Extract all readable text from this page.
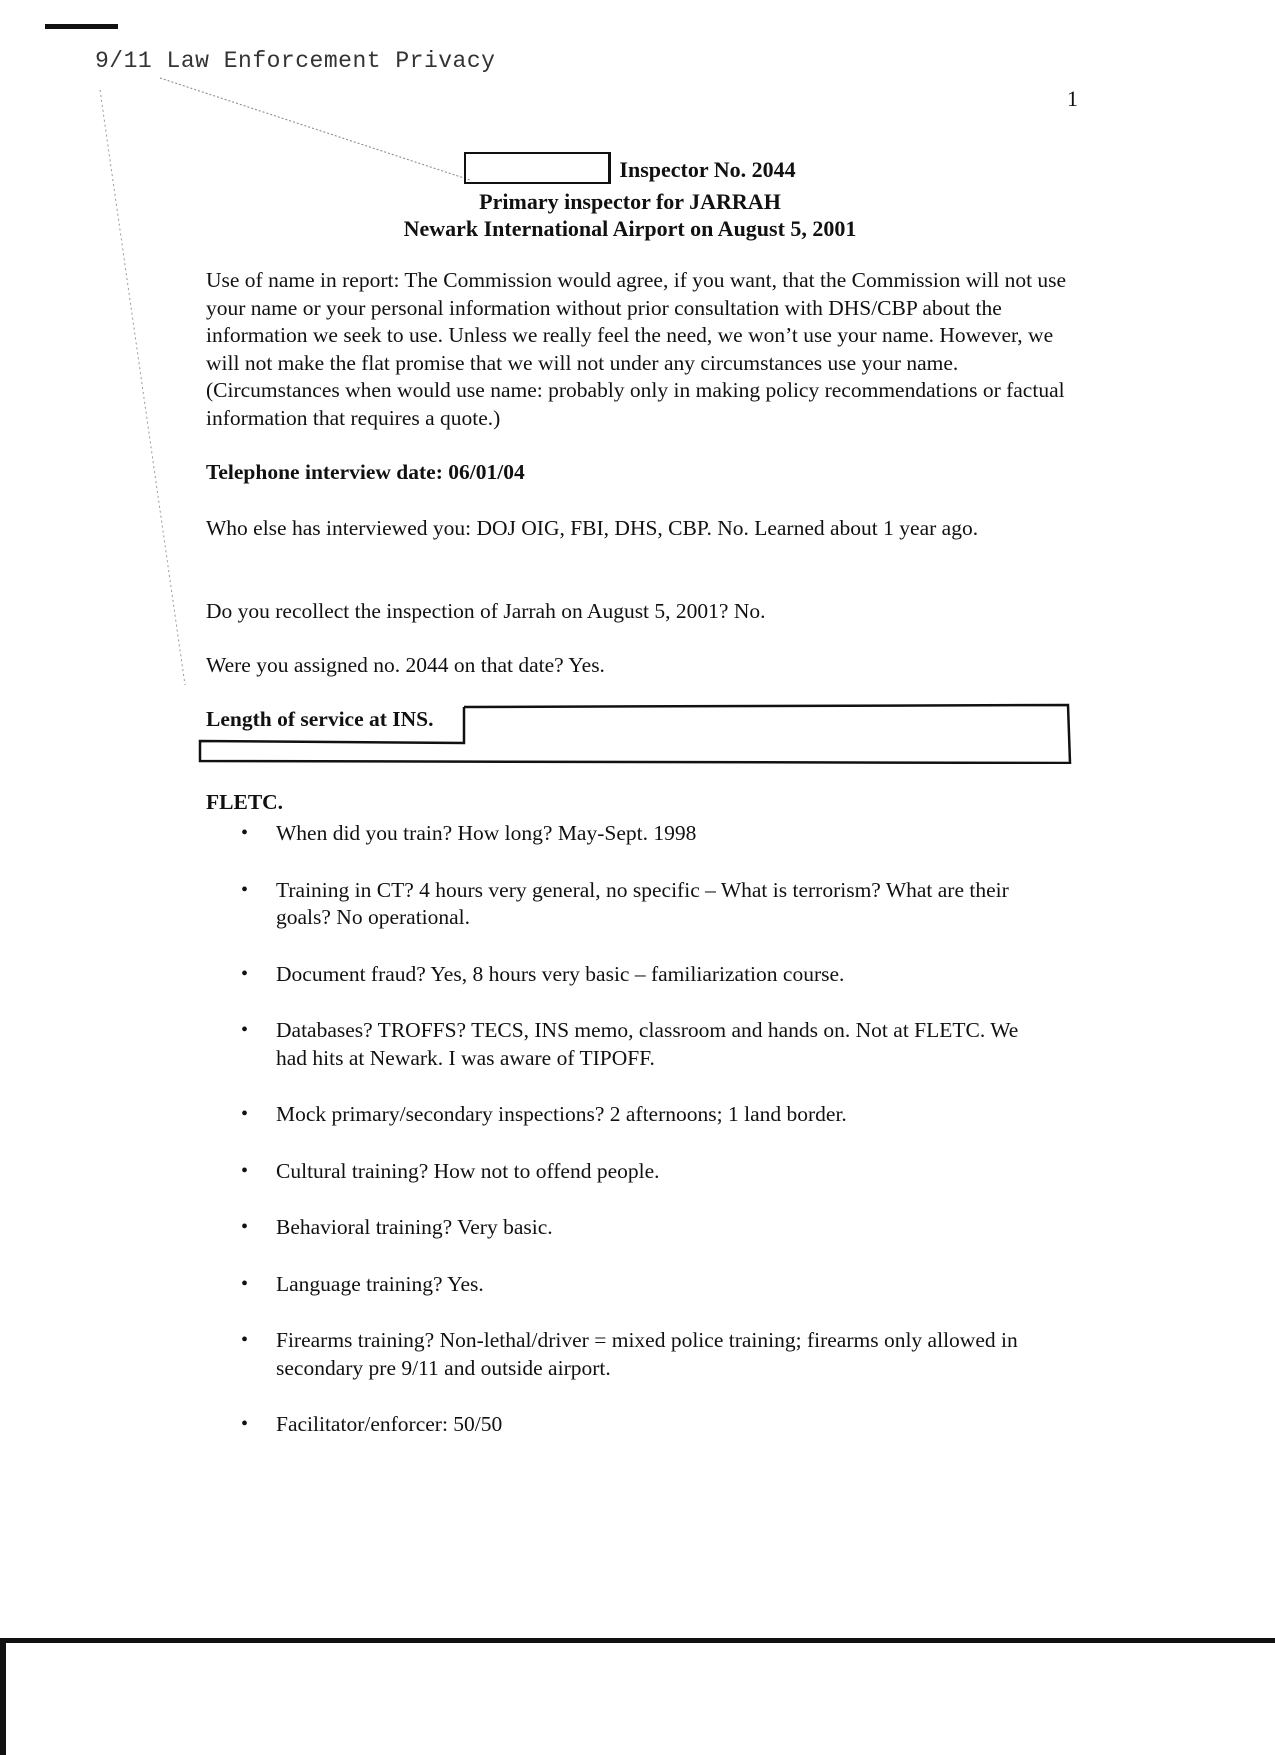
9/11 Law Enforcement Privacy
1
Inspector No. 2044
Primary inspector for JARRAH
Newark International Airport on August 5, 2001
Use of name in report: The Commission would agree, if you want, that the Commission will not use your name or your personal information without prior consultation with DHS/CBP about the information we seek to use. Unless we really feel the need, we won’t use your name. However, we will not make the flat promise that we will not under any circumstances use your name. (Circumstances when would use name: probably only in making policy recommendations or factual information that requires a quote.)
Telephone interview date: 06/01/04
Who else has interviewed you: DOJ OIG, FBI, DHS, CBP. No. Learned about 1 year ago.
Do you recollect the inspection of Jarrah on August 5, 2001? No.
Were you assigned no. 2044 on that date? Yes.
Length of service at INS.
FLETC.
• When did you train? How long? May-Sept. 1998
• Training in CT? 4 hours very general, no specific – What is terrorism? What are their goals? No operational.
• Document fraud? Yes, 8 hours very basic – familiarization course.
• Databases? TROFFS? TECS, INS memo, classroom and hands on. Not at FLETC. We had hits at Newark. I was aware of TIPOFF.
• Mock primary/secondary inspections? 2 afternoons; 1 land border.
• Cultural training? How not to offend people.
• Behavioral training? Very basic.
• Language training? Yes.
• Firearms training? Non-lethal/driver = mixed police training; firearms only allowed in secondary pre 9/11 and outside airport.
• Facilitator/enforcer: 50/50
